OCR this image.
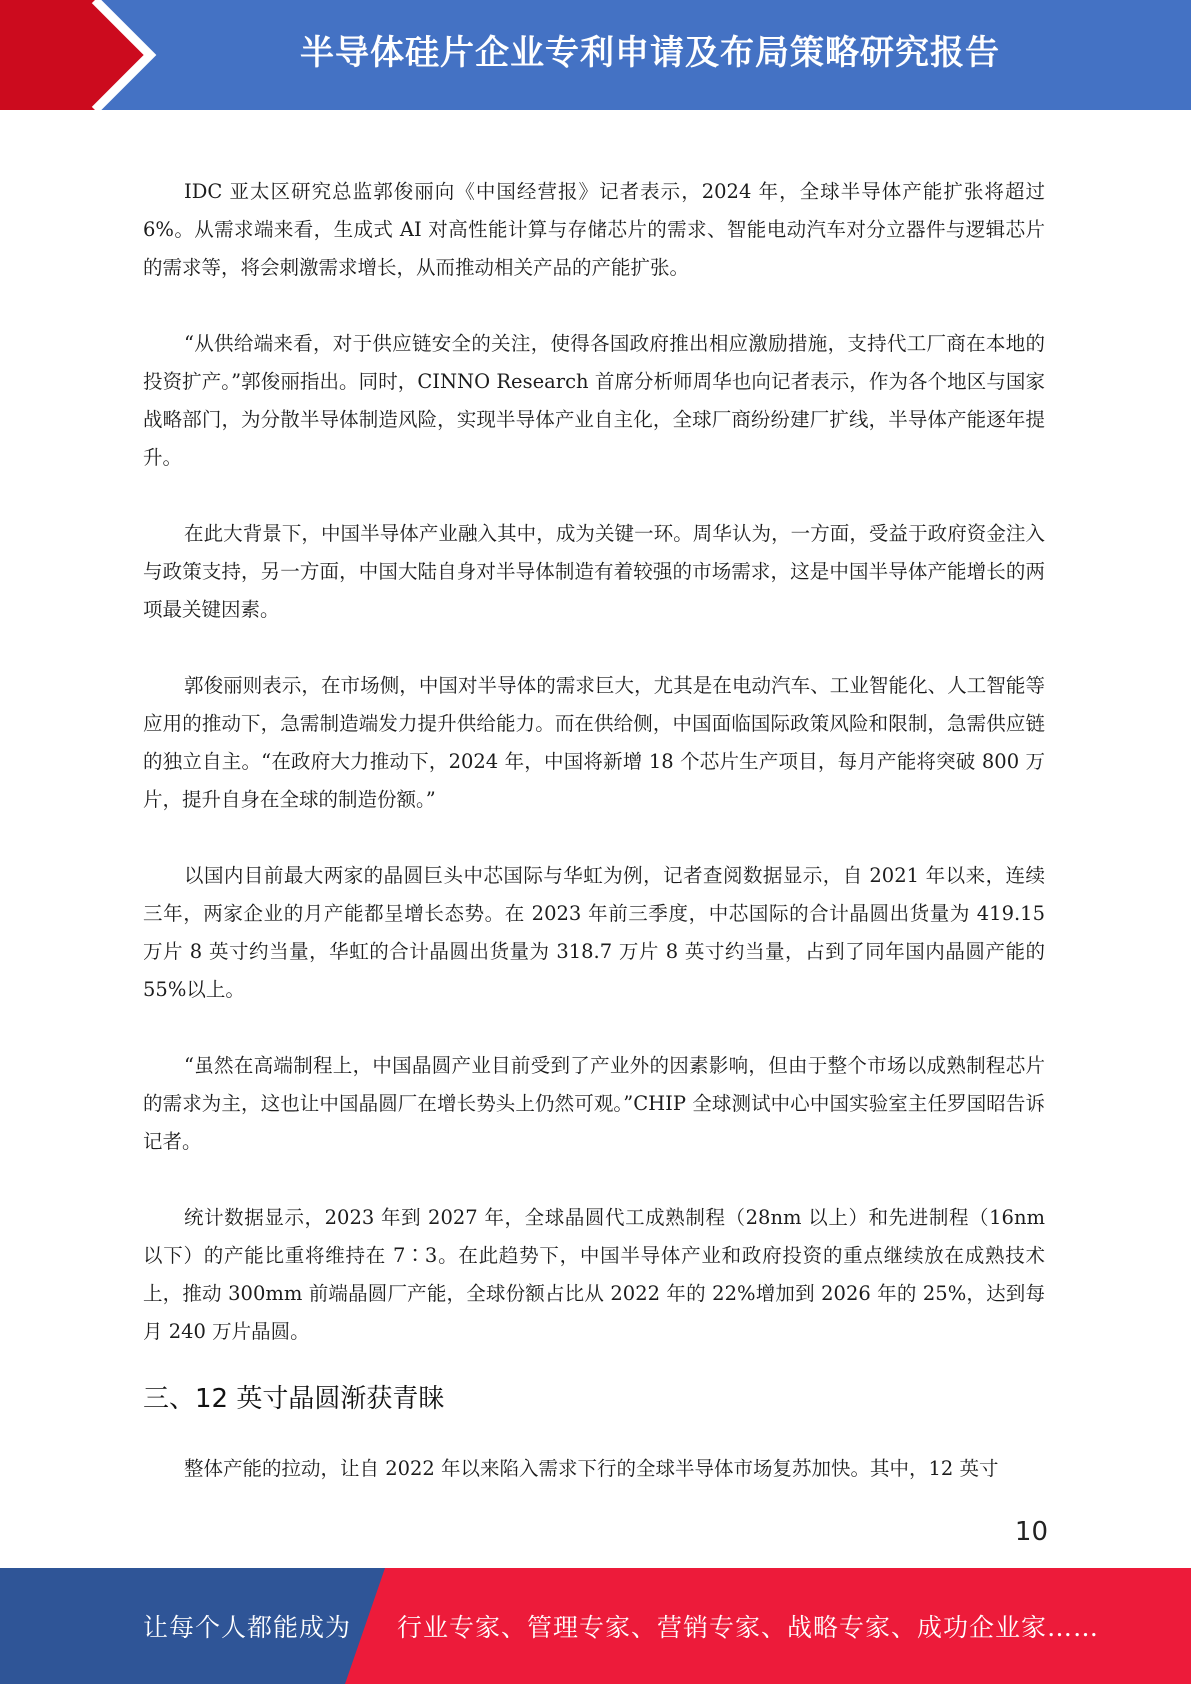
半导体硅片企业专利申请及布局策略研究报告

IDC 亚太区研究总监郭俊丽向《中国经营报》记者表示，2024 年，全球半导体产能扩张将超过 6%。从需求端来看，生成式 AI 对高性能计算与存储芯片的需求、智能电动汽车对分立器件与逻辑芯片的需求等，将会刺激需求增长，从而推动相关产品的产能扩张。

“从供给端来看，对于供应链安全的关注，使得各国政府推出相应激励措施，支持代工厂商在本地的投资扩产。”郭俊丽指出。同时，CINNO Research 首席分析师周华也向记者表示，作为各个地区与国家战略部门，为分散半导体制造风险，实现半导体产业自主化，全球厂商纷纷建厂扩线，半导体产能逐年提升。

在此大背景下，中国半导体产业融入其中，成为关键一环。周华认为，一方面，受益于政府资金注入与政策支持，另一方面，中国大陆自身对半导体制造有着较强的市场需求，这是中国半导体产能增长的两项最关键因素。

郭俊丽则表示，在市场侧，中国对半导体的需求巨大，尤其是在电动汽车、工业智能化、人工智能等应用的推动下，急需制造端发力提升供给能力。而在供给侧，中国面临国际政策风险和限制，急需供应链的独立自主。“在政府大力推动下，2024 年，中国将新增 18 个芯片生产项目，每月产能将突破 800 万片，提升自身在全球的制造份额。”

以国内目前最大两家的晶圆巨头中芯国际与华虹为例，记者查阅数据显示，自 2021 年以来，连续三年，两家企业的月产能都呈增长态势。在 2023 年前三季度，中芯国际的合计晶圆出货量为 419.15 万片 8 英寸约当量，华虹的合计晶圆出货量为 318.7 万片 8 英寸约当量，占到了同年国内晶圆产能的 55%以上。

“虽然在高端制程上，中国晶圆产业目前受到了产业外的因素影响，但由于整个市场以成熟制程芯片的需求为主，这也让中国晶圆厂在增长势头上仍然可观。”CHIP 全球测试中心中国实验室主任罗国昭告诉记者。

统计数据显示，2023 年到 2027 年，全球晶圆代工成熟制程（28nm 以上）和先进制程（16nm 以下）的产能比重将维持在 7∶3。在此趋势下，中国半导体产业和政府投资的重点继续放在成熟技术上，推动 300mm 前端晶圆厂产能，全球份额占比从 2022 年的 22%增加到 2026 年的 25%，达到每月 240 万片晶圆。

三、12 英寸晶圆渐获青睐

整体产能的拉动，让自 2022 年以来陷入需求下行的全球半导体市场复苏加快。其中，12 英寸

10
让每个人都能成为 行业专家、管理专家、营销专家、战略专家、成功企业家……
